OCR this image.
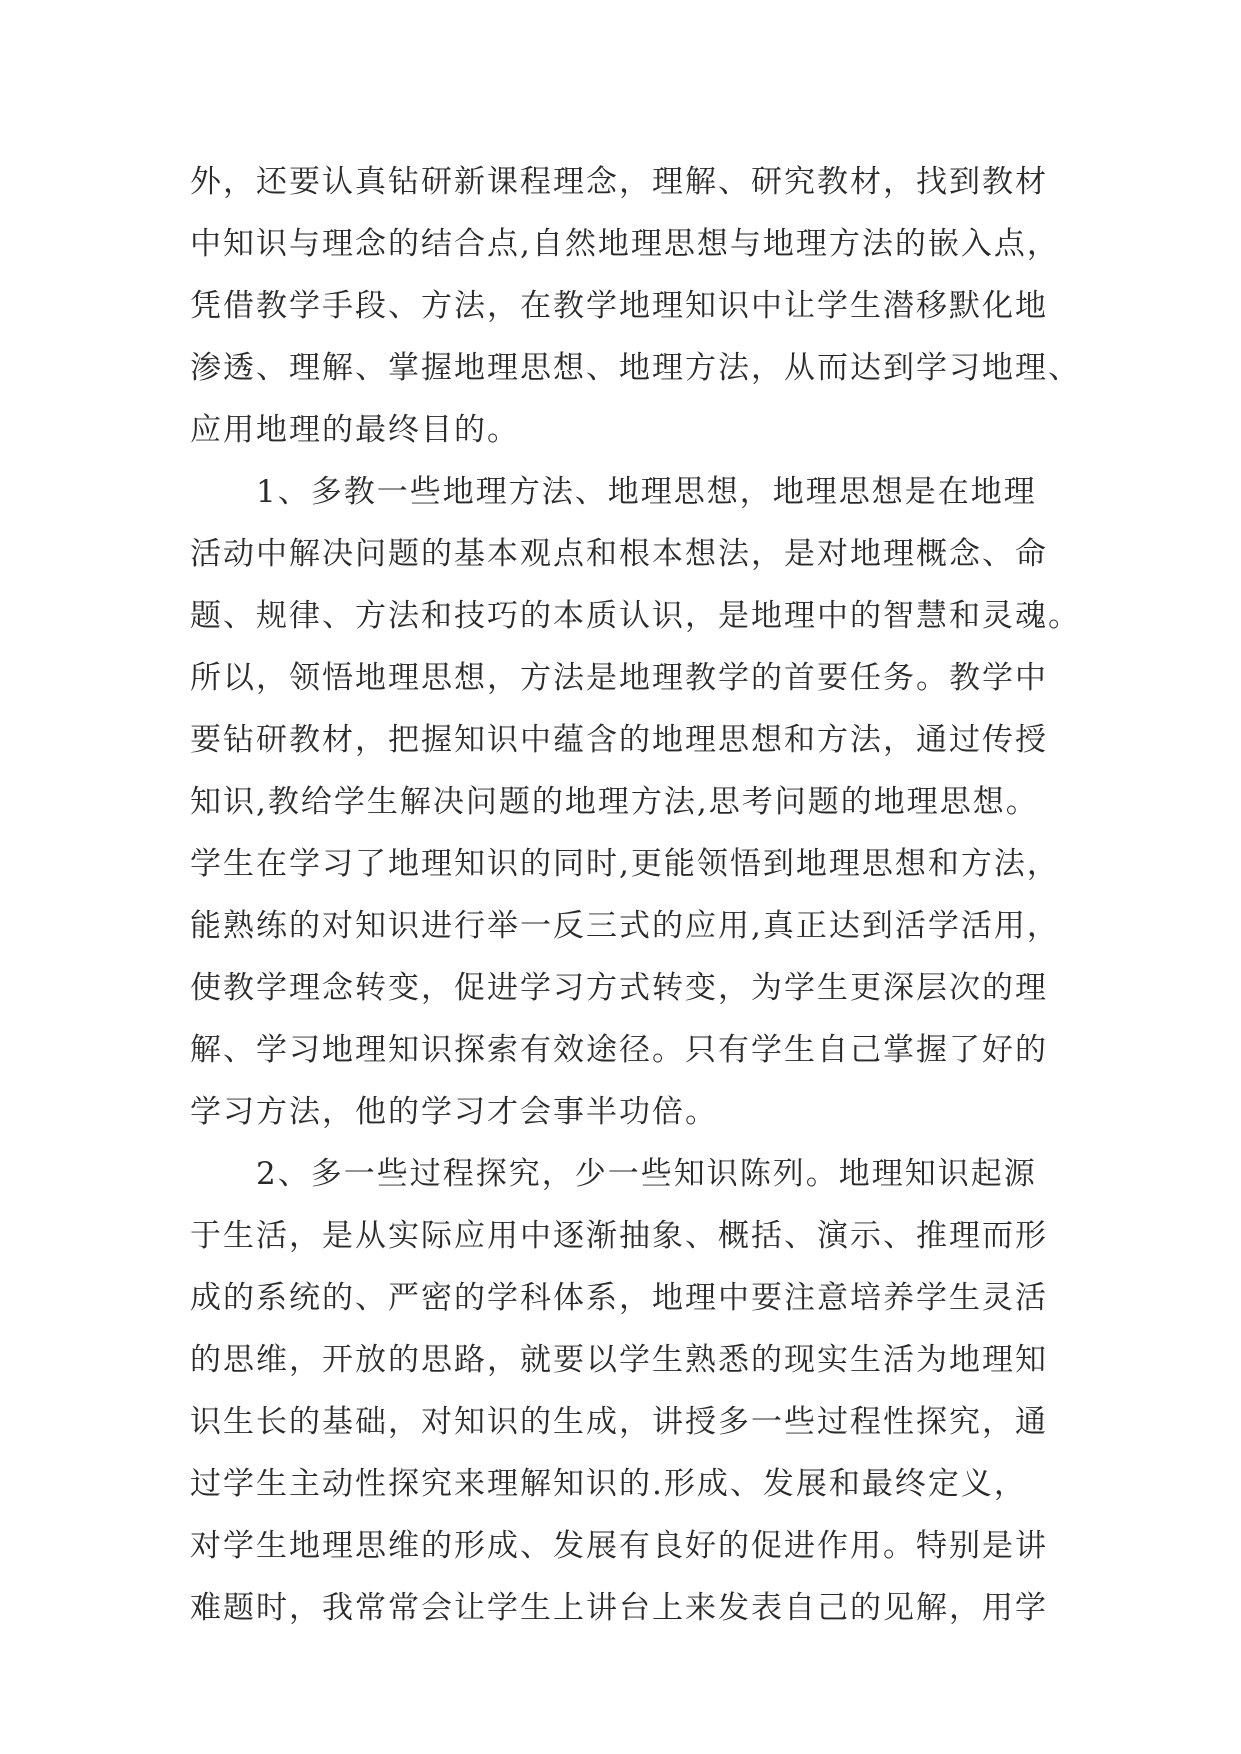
外，还要认真钻研新课程理念，理解、研究教材，找到教材
中知识与理念的结合点,自然地理思想与地理方法的嵌入点，
凭借教学手段、方法，在教学地理知识中让学生潜移默化地
渗透、理解、掌握地理思想、地理方法，从而达到学习地理、
应用地理的最终目的。
1、多教一些地理方法、地理思想，地理思想是在地理
活动中解决问题的基本观点和根本想法，是对地理概念、命
题、规律、方法和技巧的本质认识，是地理中的智慧和灵魂。
所以，领悟地理思想，方法是地理教学的首要任务。教学中
要钻研教材，把握知识中蕴含的地理思想和方法，通过传授
知识,教给学生解决问题的地理方法,思考问题的地理思想。
学生在学习了地理知识的同时,更能领悟到地理思想和方法，
能熟练的对知识进行举一反三式的应用,真正达到活学活用，
使教学理念转变，促进学习方式转变，为学生更深层次的理
解、学习地理知识探索有效途径。只有学生自己掌握了好的
学习方法，他的学习才会事半功倍。
2、多一些过程探究，少一些知识陈列。地理知识起源
于生活，是从实际应用中逐渐抽象、概括、演示、推理而形
成的系统的、严密的学科体系，地理中要注意培养学生灵活
的思维，开放的思路，就要以学生熟悉的现实生活为地理知
识生长的基础，对知识的生成，讲授多一些过程性探究，通
过学生主动性探究来理解知识的.形成、发展和最终定义，
对学生地理思维的形成、发展有良好的促进作用。特别是讲
难题时，我常常会让学生上讲台上来发表自己的见解，用学
